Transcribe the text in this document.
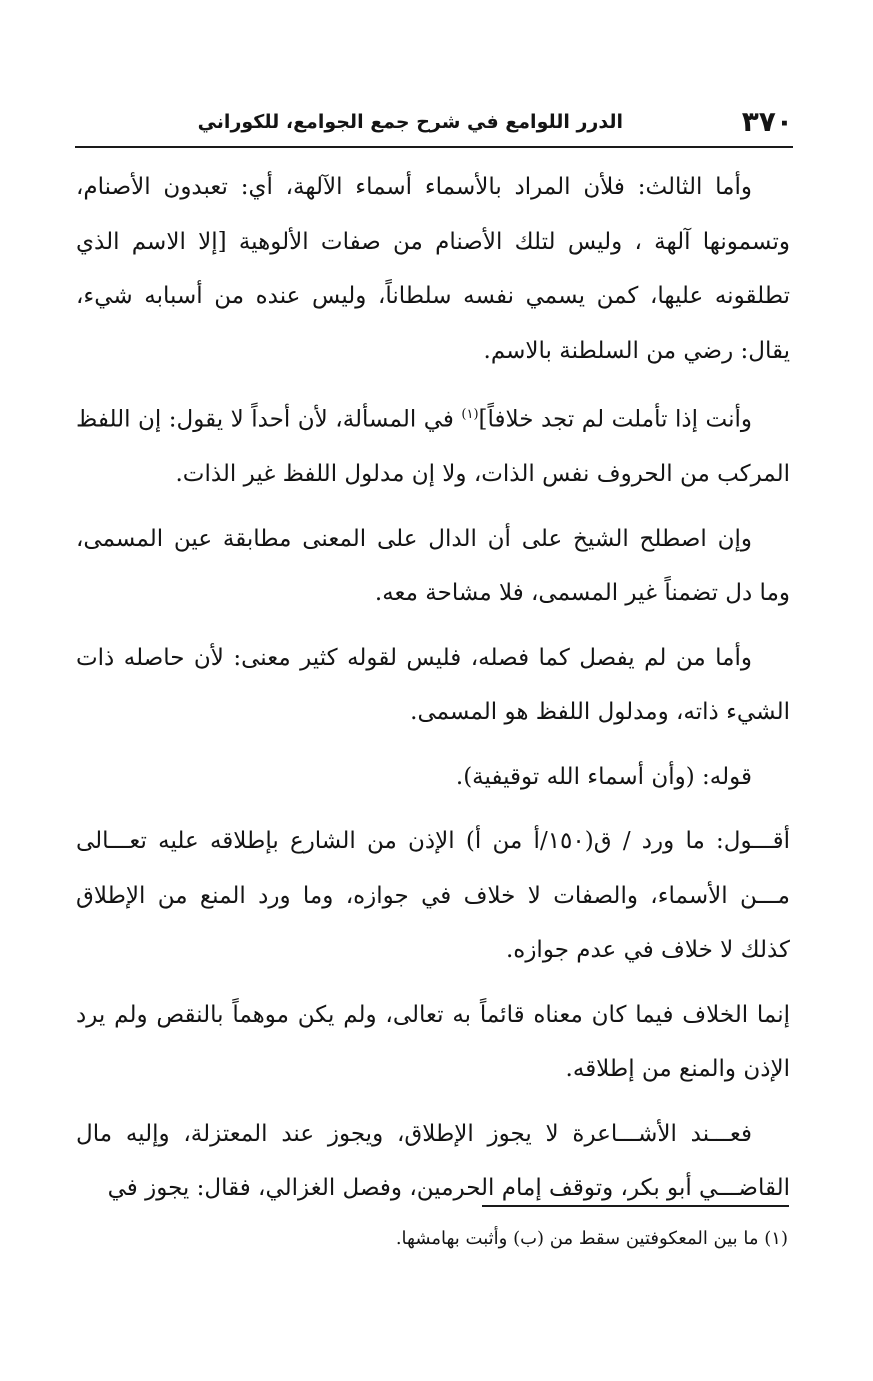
٣٧٠
الدرر اللوامع في شرح جمع الجوامع، للكوراني

وأما الثالث: فلأن المراد بالأسماء أسماء الآلهة، أي: تعبدون الأصنام، وتسمونها آلهة ، وليس لتلك الأصنام من صفات الألوهية [إلا الاسم الذي تطلقونه عليها، كمن يسمي نفسه سلطاناً، وليس عنده من أسبابه شيء، يقال: رضي من السلطنة بالاسم.

وأنت إذا تأملت لم تجد خلافاً]$^{(١)}$ في المسألة، لأن أحداً لا يقول: إن اللفظ المركب من الحروف نفس الذات، ولا إن مدلول اللفظ غير الذات.

وإن اصطلح الشيخ على أن الدال على المعنى مطابقة عين المسمى، وما دل تضمناً غير المسمى، فلا مشاحة معه.

وأما من لم يفصل كما فصله، فليس لقوله كثير معنى: لأن حاصله ذات الشيء ذاته، ومدلول اللفظ هو المسمى.

قوله: (وأن أسماء الله توقيفية).

أقـــول: ما ورد / ق(١٥٠/أ من أ) الإذن من الشارع بإطلاقه عليه تعـــالى مـــن الأسماء، والصفات لا خلاف في جوازه، وما ورد المنع من الإطلاق كذلك لا خلاف في عدم جوازه.

إنما الخلاف فيما كان معناه قائماً به تعالى، ولم يكن موهماً بالنقص ولم يرد الإذن والمنع من إطلاقه.

فعـــند الأشـــاعرة لا يجوز الإطلاق، ويجوز عند المعتزلة، وإليه مال القاضـــي أبو بكر، وتوقف إمام الحرمين، وفصل الغزالي، فقال: يجوز في

(١) ما بين المعكوفتين سقط من (ب) وأثبت بهامشها.
